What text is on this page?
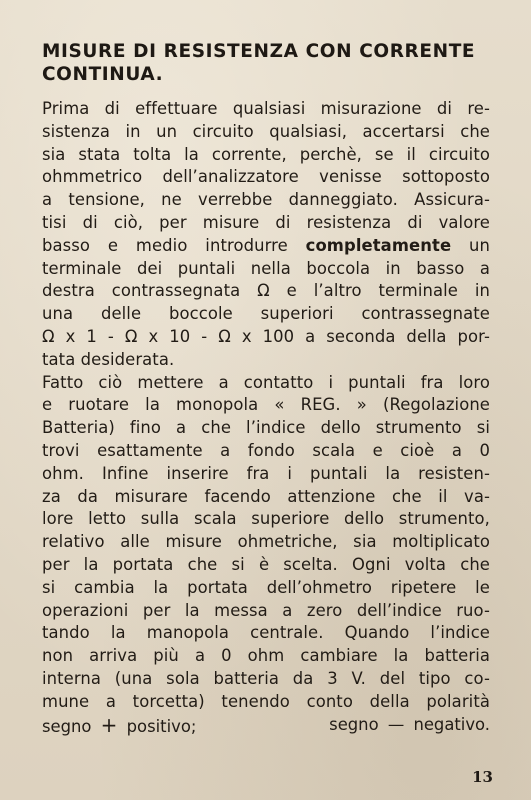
MISURE DI RESISTENZA CON CORRENTE
CONTINUA.
Prima di effettuare qualsiasi misurazione di re-
sistenza in un circuito qualsiasi, accertarsi che
sia stata tolta la corrente, perchè, se il circuito
ohmmetrico dell’analizzatore venisse sottoposto
a tensione, ne verrebbe danneggiato. Assicura-
tisi di ciò, per misure di resistenza di valore
basso e medio introdurre completamente un
terminale dei puntali nella boccola in basso a
destra contrassegnata Ω e l’altro terminale in
una delle boccole superiori contrassegnate
Ω x 1 - Ω x 10 - Ω x 100 a seconda della por-
tata desiderata.
Fatto ciò mettere a contatto i puntali fra loro
e ruotare la monopola « REG. » (Regolazione
Batteria) fino a che l’indice dello strumento si
trovi esattamente a fondo scala e cioè a 0
ohm. Infine inserire fra i puntali la resisten-
za da misurare facendo attenzione che il va-
lore letto sulla scala superiore dello strumento,
relativo alle misure ohmetriche, sia moltiplicato
per la portata che si è scelta. Ogni volta che
si cambia la portata dell’ohmetro ripetere le
operazioni per la messa a zero dell’indice ruo-
tando la manopola centrale. Quando l’indice
non arriva più a 0 ohm cambiare la batteria
interna (una sola batteria da 3 V. del tipo co-
mune a torcetta) tenendo conto della polarità
segno + positivo;	segno — negativo.
13
